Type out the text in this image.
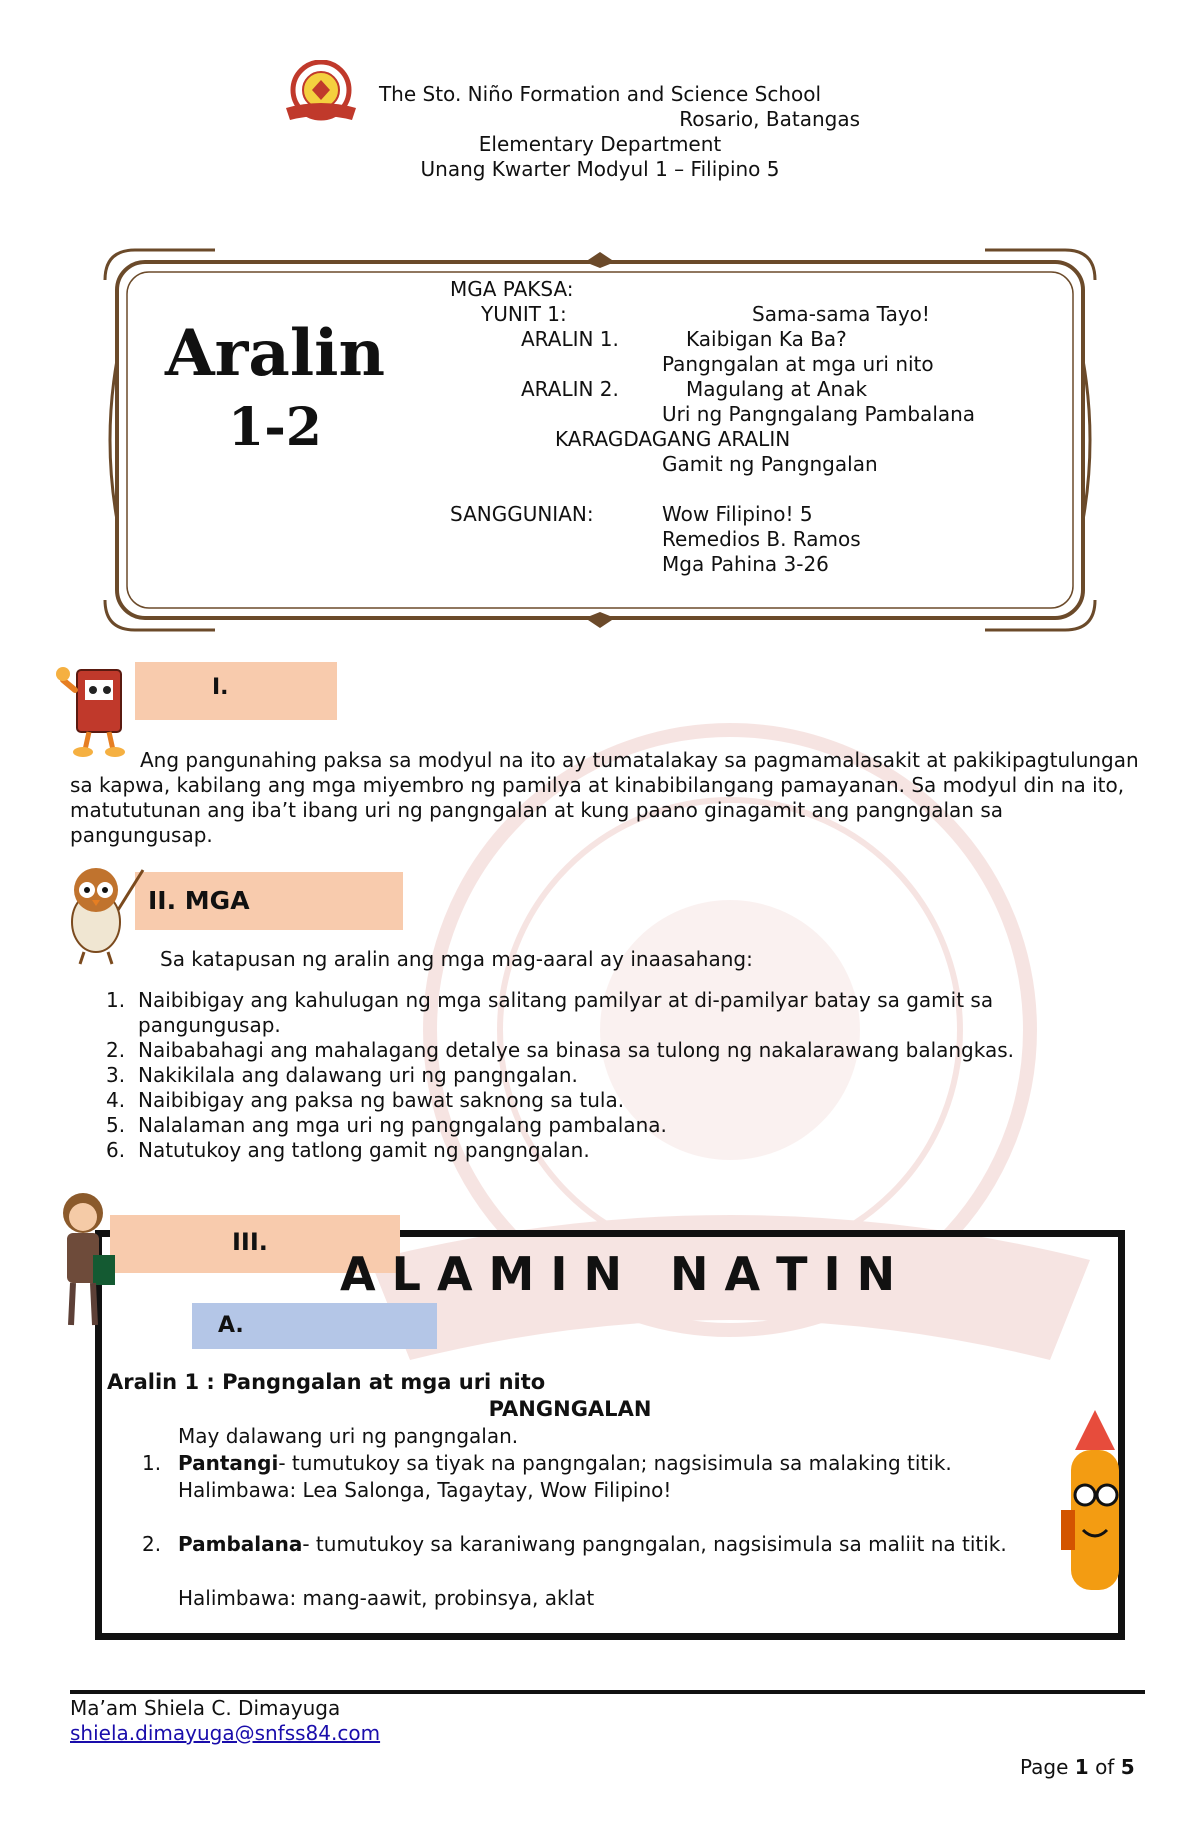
The Sto. Niño Formation and Science School
Rosario, Batangas
Elementary Department
Unang Kwarter Modyul 1 – Filipino 5
Aralin
1-2
MGA PAKSA:
YUNIT 1:	Sama-sama Tayo!
ARALIN 1.	Kaibigan Ka Ba?
Pangngalan at mga uri nito
ARALIN 2.	Magulang at Anak
Uri ng Pangngalang Pambalana
KARAGDAGANG ARALIN
Gamit ng Pangngalan
SANGGUNIAN:	Wow Filipino! 5
Remedios B. Ramos
Mga Pahina 3-26
I.
Ang pangunahing paksa sa modyul na ito ay tumatalakay sa pagmamalasakit at pakikipagtulungan sa kapwa, kabilang ang mga miyembro ng pamilya at kinabibilangang pamayanan. Sa modyul din na ito, matututunan ang iba’t ibang uri ng pangngalan at kung paano ginagamit ang pangngalan sa pangungusap.
II. MGA
Sa katapusan ng aralin ang mga mag-aaral ay inaasahang:
1. Naibibigay ang kahulugan ng mga salitang pamilyar at di-pamilyar batay sa gamit sa pangungusap.
2. Naibabahagi ang mahalagang detalye sa binasa sa tulong ng nakalarawang balangkas.
3. Nakikilala ang dalawang uri ng pangngalan.
4. Naibibigay ang paksa ng bawat saknong sa tula.
5. Nalalaman ang mga uri ng pangngalang pambalana.
6. Natutukoy ang tatlong gamit ng pangngalan.
III.
A L A M I N   N A T I N
A.
Aralin 1 : Pangngalan at mga uri nito
PANGNGALAN
May dalawang uri ng pangngalan.
1. Pantangi- tumutukoy sa tiyak na pangngalan; nagsisimula sa malaking titik.
Halimbawa: Lea Salonga, Tagaytay, Wow Filipino!
2. Pambalana- tumutukoy sa karaniwang pangngalan, nagsisimula sa maliit na titik.
Halimbawa: mang-aawit, probinsya, aklat
Ma’am Shiela C. Dimayuga
shiela.dimayuga@snfss84.com
Page 1 of 5
